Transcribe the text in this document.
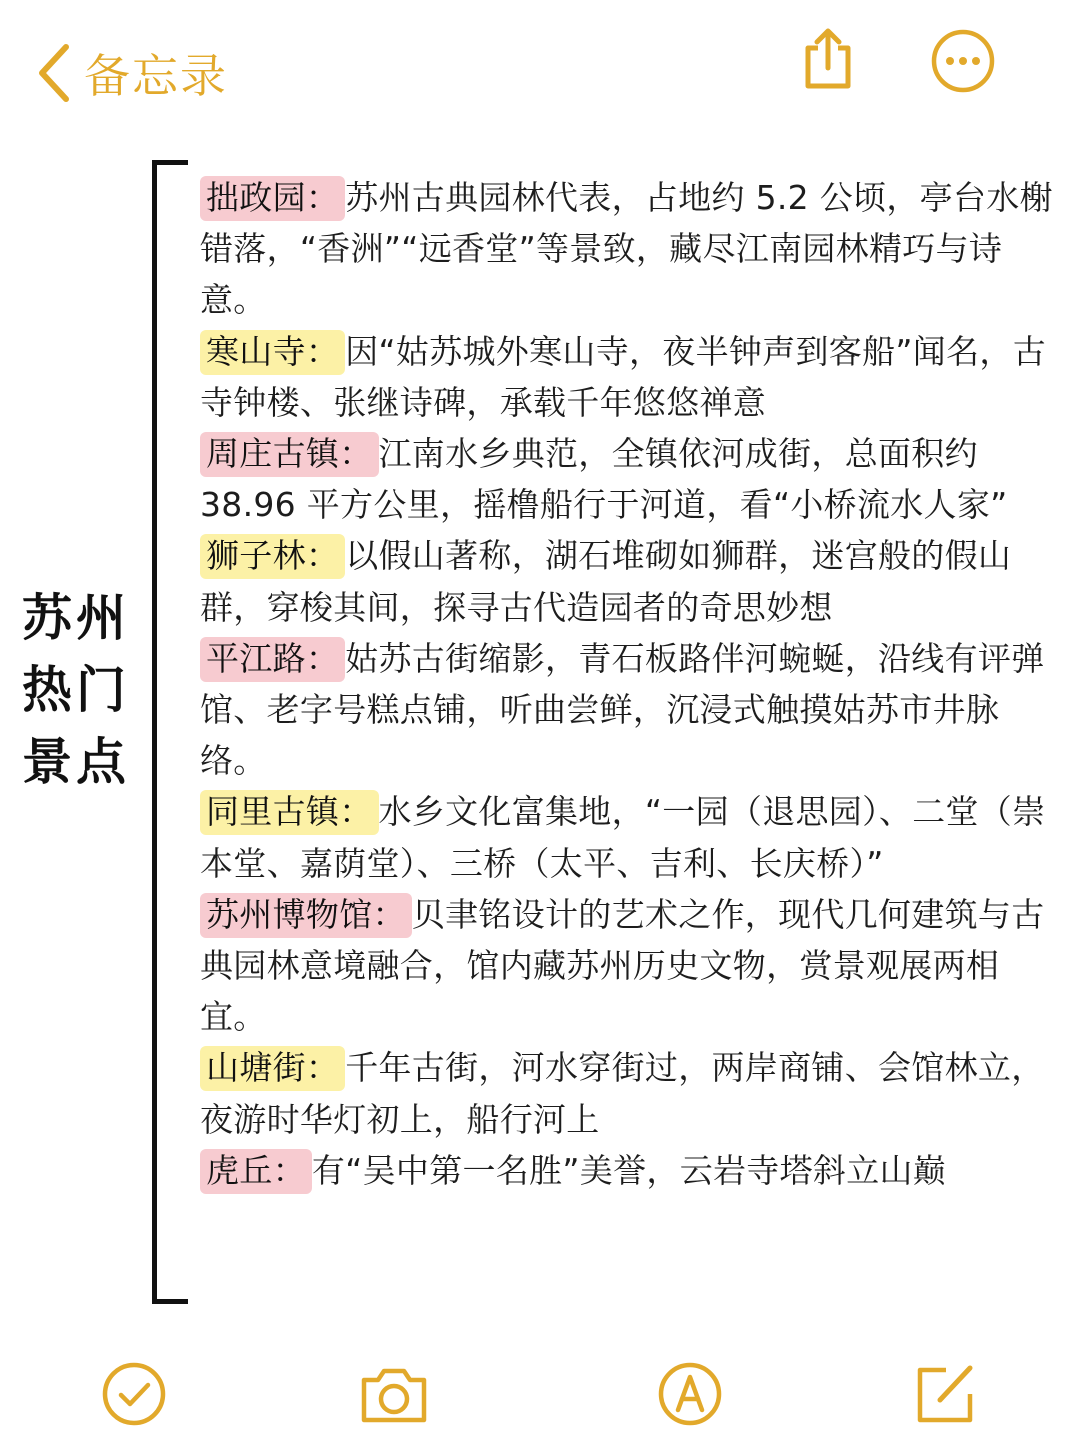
备忘录
苏州
热门
景点

拙政园： 苏州古典园林代表，占地约 5.2 公顷，亭台水榭错落，“香洲”“远香堂”等景致，藏尽江南园林精巧与诗意。

寒山寺： 因“姑苏城外寒山寺，夜半钟声到客船”闻名，古寺钟楼、张继诗碑，承载千年悠悠禅意

周庄古镇： 江南水乡典范，全镇依河成街，总面积约 38.96 平方公里，摇橹船行于河道，看“小桥流水人家”

狮子林： 以假山著称，湖石堆砌如狮群，迷宫般的假山群，穿梭其间，探寻古代造园者的奇思妙想

平江路： 姑苏古街缩影，青石板路伴河蜿蜒，沿线有评弹馆、老字号糕点铺，听曲尝鲜，沉浸式触摸姑苏市井脉络。

同里古镇： 水乡文化富集地，“一园（退思园）、二堂（崇本堂、嘉荫堂）、三桥（太平、吉利、长庆桥）”

苏州博物馆： 贝聿铭设计的艺术之作，现代几何建筑与古典园林意境融合，馆内藏苏州历史文物，赏景观展两相宜。

山塘街： 千年古街，河水穿街过，两岸商铺、会馆林立，夜游时华灯初上，船行河上

虎丘： 有“吴中第一名胜”美誉，云岩寺塔斜立山巅
